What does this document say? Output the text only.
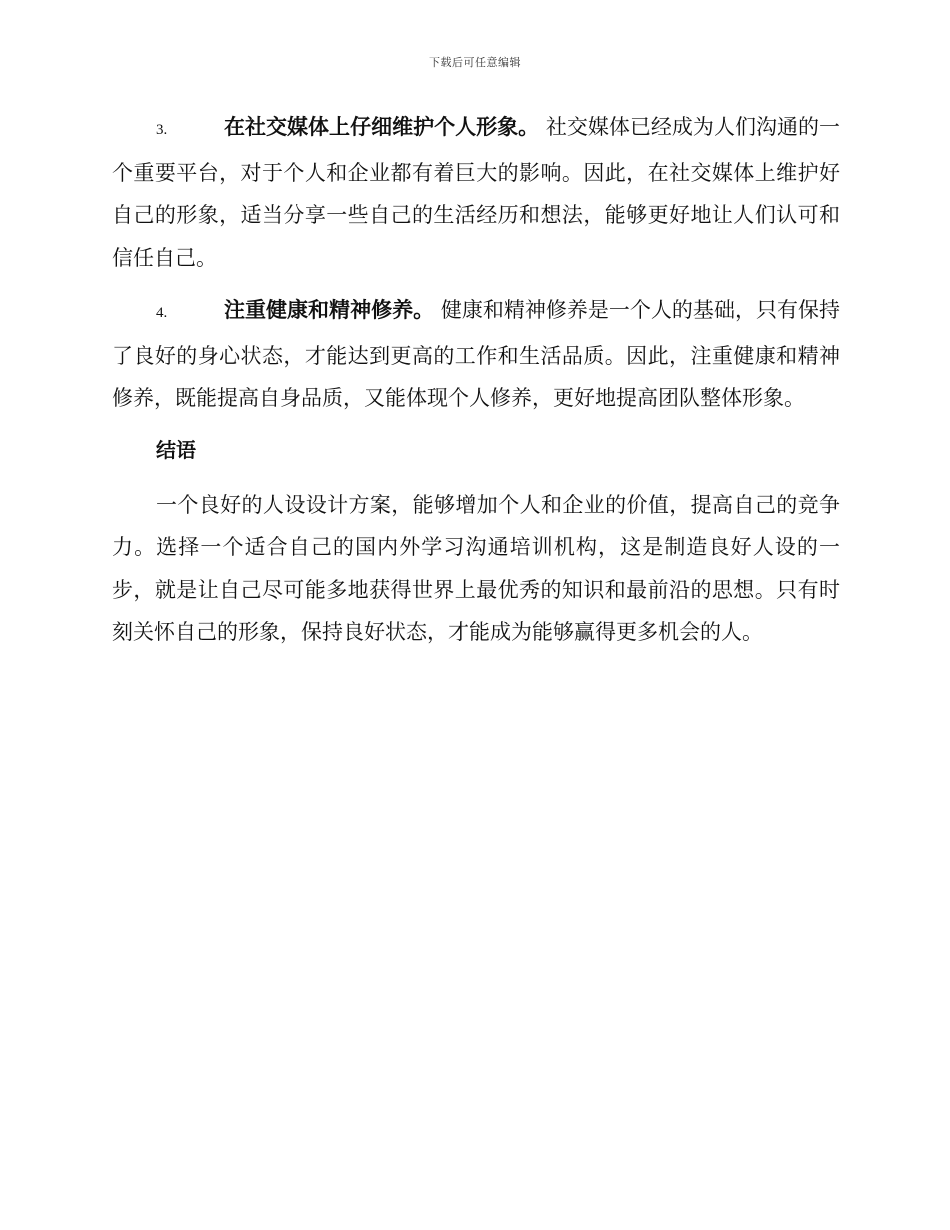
下载后可任意编辑

3.	在社交媒体上仔细维护个人形象。 社交媒体已经成为人们沟通的一个重要平台，对于个人和企业都有着巨大的影响。因此，在社交媒体上维护好自己的形象，适当分享一些自己的生活经历和想法，能够更好地让人们认可和信任自己。

4.	注重健康和精神修养。 健康和精神修养是一个人的基础，只有保持了良好的身心状态，才能达到更高的工作和生活品质。因此，注重健康和精神修养，既能提高自身品质，又能体现个人修养，更好地提高团队整体形象。

结语

一个良好的人设设计方案，能够增加个人和企业的价值，提高自己的竞争力。选择一个适合自己的国内外学习沟通培训机构，这是制造良好人设的一步，就是让自己尽可能多地获得世界上最优秀的知识和最前沿的思想。只有时刻关怀自己的形象，保持良好状态，才能成为能够赢得更多机会的人。
